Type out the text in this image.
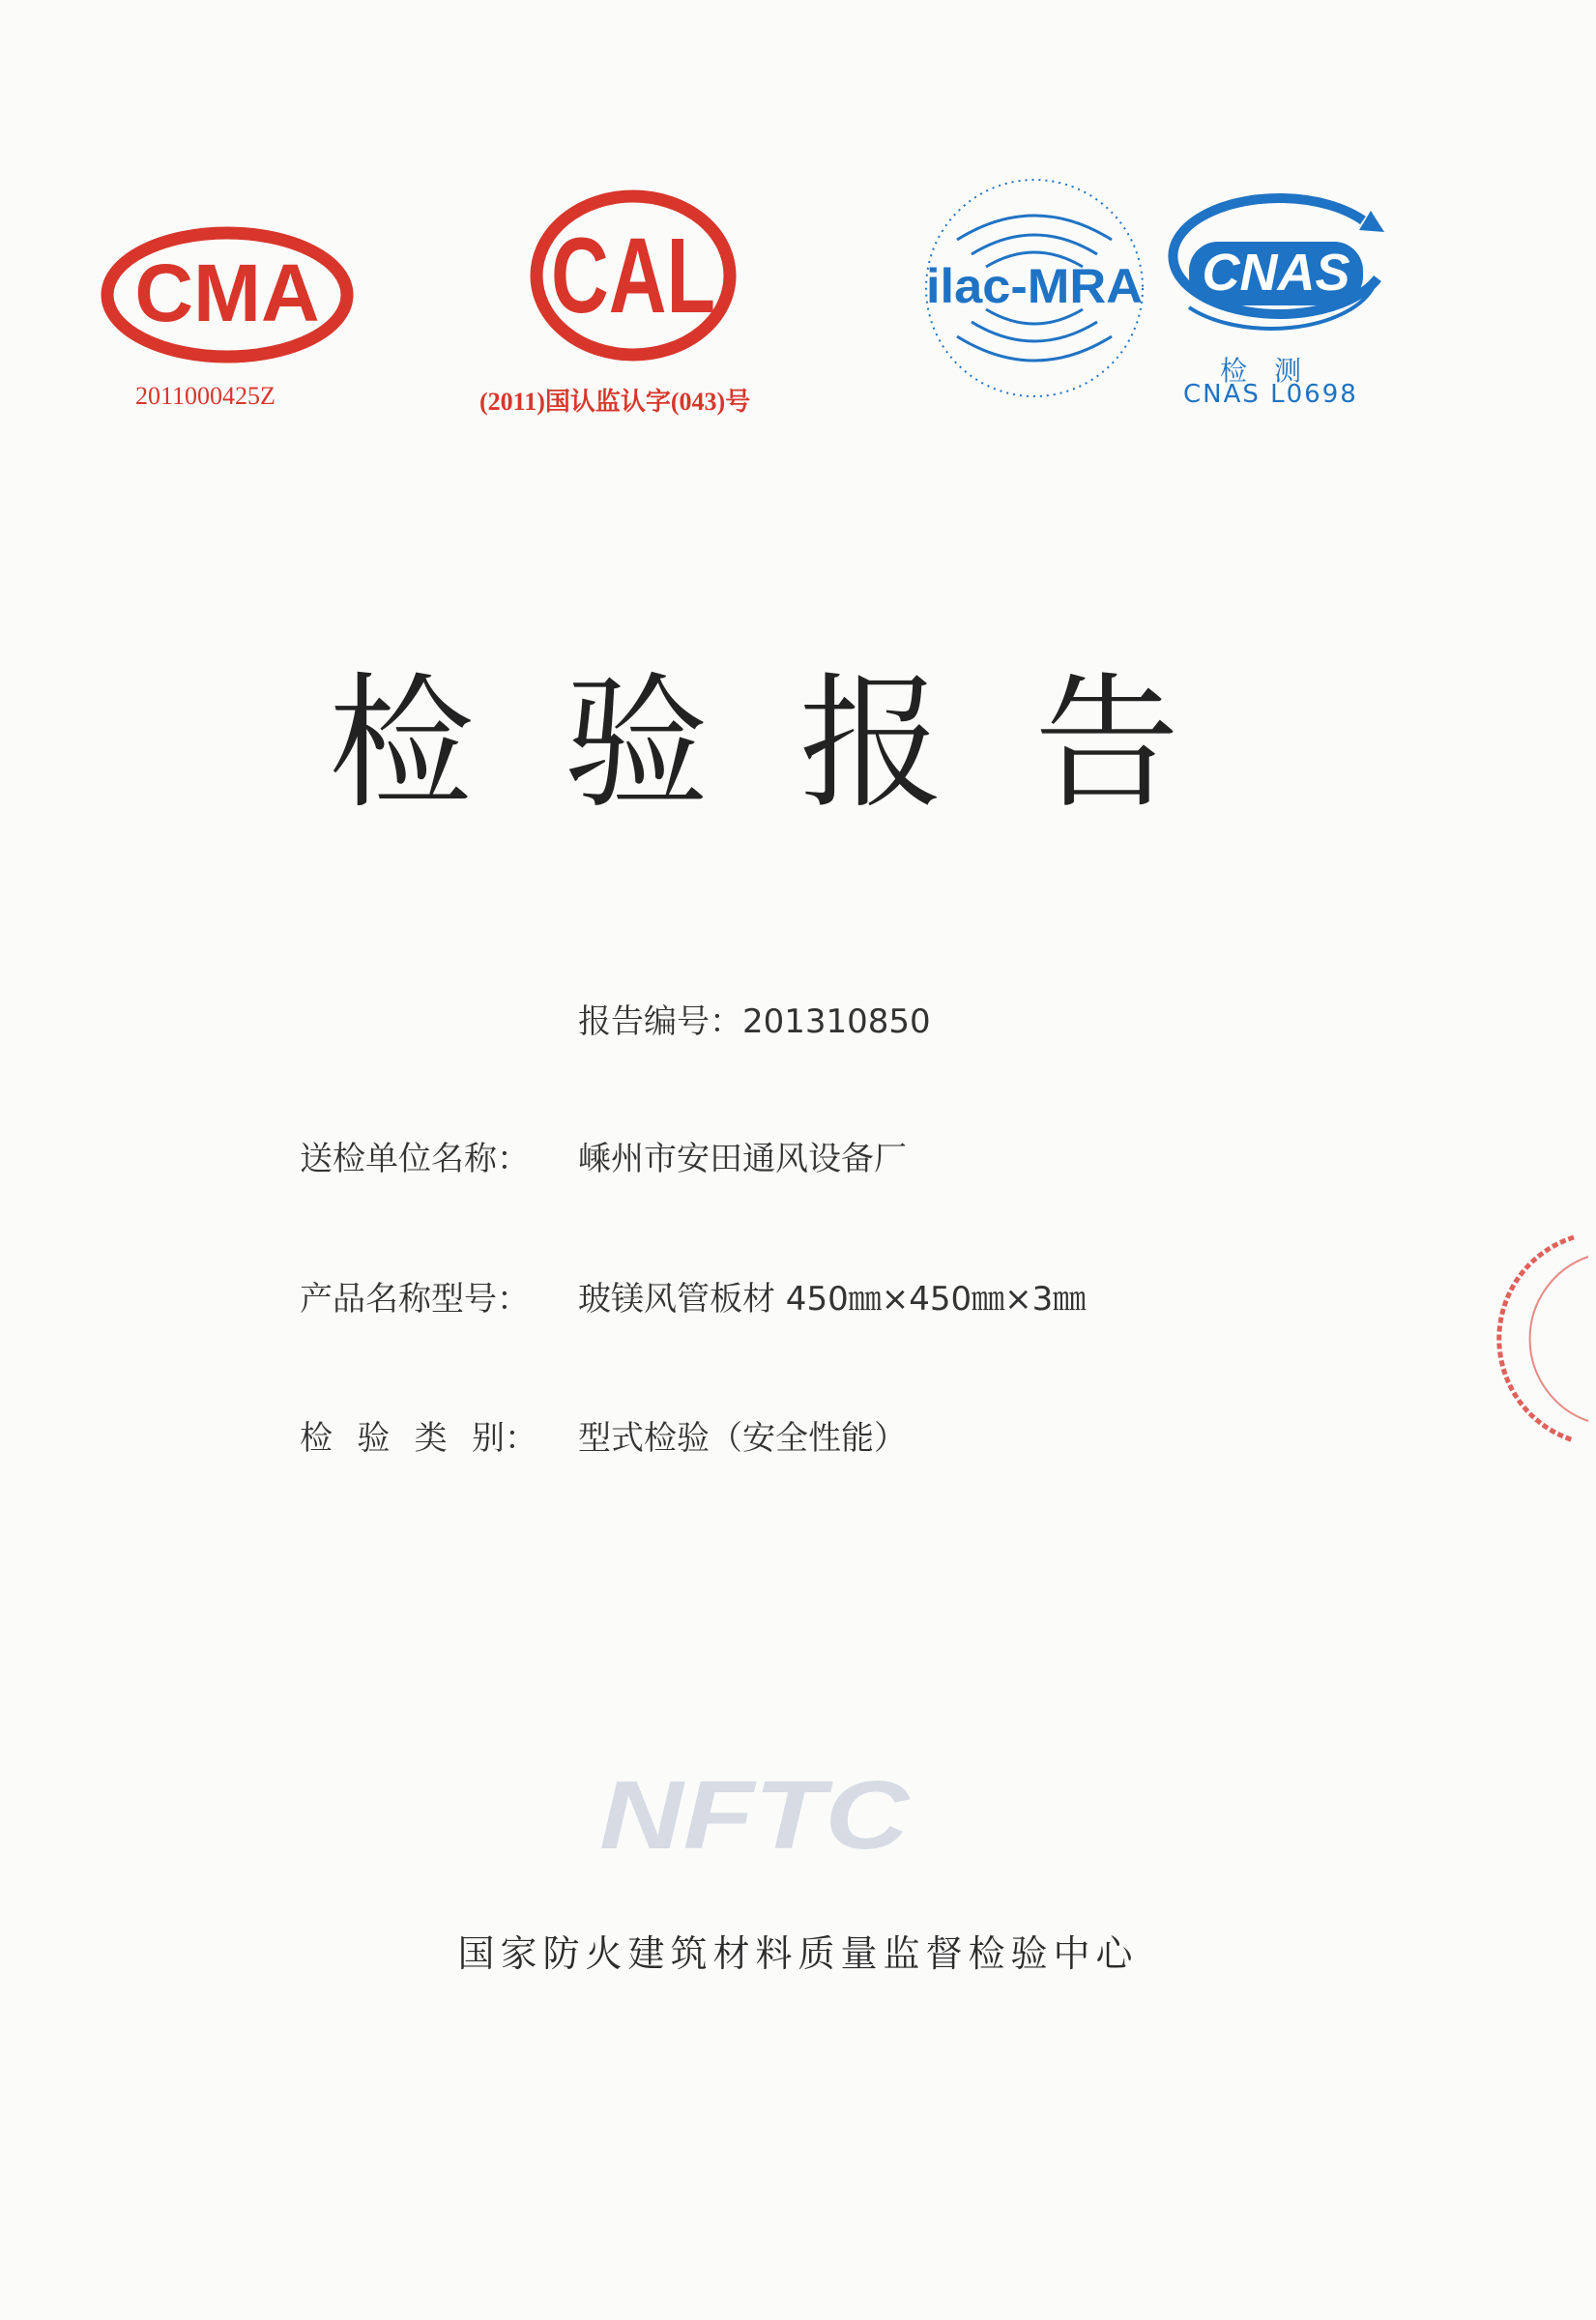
CMA
2011000425Z
CAL
(2011)国认监认字(043)号
ilac-MRA CNAS
检　测
CNAS L0698
检 验 报 告
报告编号：201310850
送检单位名称： 嵊州市安田通风设备厂
产品名称型号： 玻镁风管板材 450㎜×450㎜×3㎜
检 验 类 别： 型式检验（安全性能）
NFTC
国家防火建筑材料质量监督检验中心
